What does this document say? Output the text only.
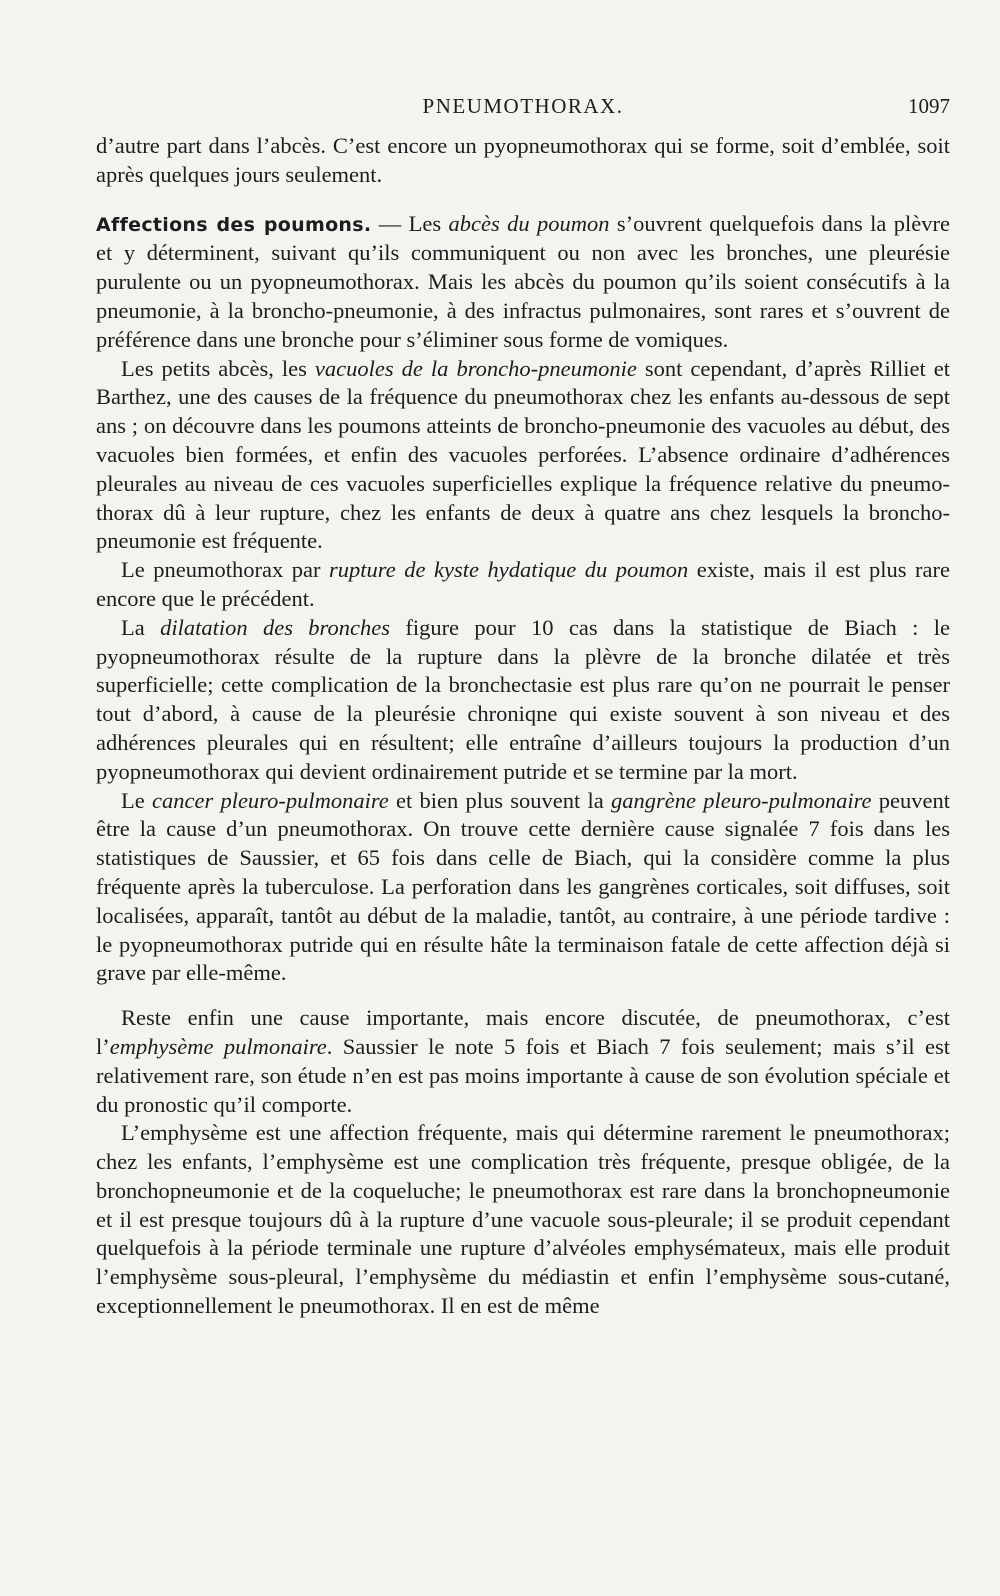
PNEUMOTHORAX.	1097

d’autre part dans l’abcès. C’est encore un pyopneumothorax qui se forme, soit d’emblée, soit après quelques jours seulement.

Affections des poumons. — Les abcès du poumon s’ouvrent quelquefois dans la plèvre et y déterminent, suivant qu’ils communiquent ou non avec les bronches, une pleurésie purulente ou un pyopneumothorax. Mais les abcès du poumon qu’ils soient consécutifs à la pneumonie, à la broncho-pneumonie, à des infractus pulmonaires, sont rares et s’ouvrent de préférence dans une bronche pour s’éliminer sous forme de vomiques.

Les petits abcès, les vacuoles de la broncho-pneumonie sont cependant, d’après Rilliet et Barthez, une des causes de la fréquence du pneumothorax chez les enfants au-dessous de sept ans ; on découvre dans les poumons atteints de broncho-pneumonie des vacuoles au début, des vacuoles bien formées, et enfin des vacuoles perforées. L’absence ordinaire d’adhérences pleurales au niveau de ces vacuoles superficielles explique la fréquence relative du pneumothorax dû à leur rupture, chez les enfants de deux à quatre ans chez lesquels la broncho-pneumonie est fréquente.

Le pneumothorax par rupture de kyste hydatique du poumon existe, mais il est plus rare encore que le précédent.

La dilatation des bronches figure pour 10 cas dans la statistique de Biach : le pyopneumothorax résulte de la rupture dans la plèvre de la bronche dilatée et très superficielle; cette complication de la bronchectasie est plus rare qu’on ne pourrait le penser tout d’abord, à cause de la pleurésie chroniqne qui existe souvent à son niveau et des adhérences pleurales qui en résultent; elle entraîne d’ailleurs toujours la production d’un pyopneumothorax qui devient ordinairement putride et se termine par la mort.

Le cancer pleuro-pulmonaire et bien plus souvent la gangrène pleuro-pulmonaire peuvent être la cause d’un pneumothorax. On trouve cette dernière cause signalée 7 fois dans les statistiques de Saussier, et 65 fois dans celle de Biach, qui la considère comme la plus fréquente après la tuberculose. La perforation dans les gangrènes corticales, soit diffuses, soit localisées, apparaît, tantôt au début de la maladie, tantôt, au contraire, à une période tardive : le pyopneumothorax putride qui en résulte hâte la terminaison fatale de cette affection déjà si grave par elle-même.

Reste enfin une cause importante, mais encore discutée, de pneumothorax, c’est l’emphysème pulmonaire. Saussier le note 5 fois et Biach 7 fois seulement; mais s’il est relativement rare, son étude n’en est pas moins importante à cause de son évolution spéciale et du pronostic qu’il comporte.

L’emphysème est une affection fréquente, mais qui détermine rarement le pneumothorax; chez les enfants, l’emphysème est une complication très fréquente, presque obligée, de la bronchopneumonie et de la coqueluche; le pneumothorax est rare dans la bronchopneumonie et il est presque toujours dû à la rupture d’une vacuole sous-pleurale; il se produit cependant quelquefois à la période terminale une rupture d’alvéoles emphysémateux, mais elle produit l’emphysème sous-pleural, l’emphysème du médiastin et enfin l’emphysème sous-cutané, exceptionnellement le pneumothorax. Il en est de même
